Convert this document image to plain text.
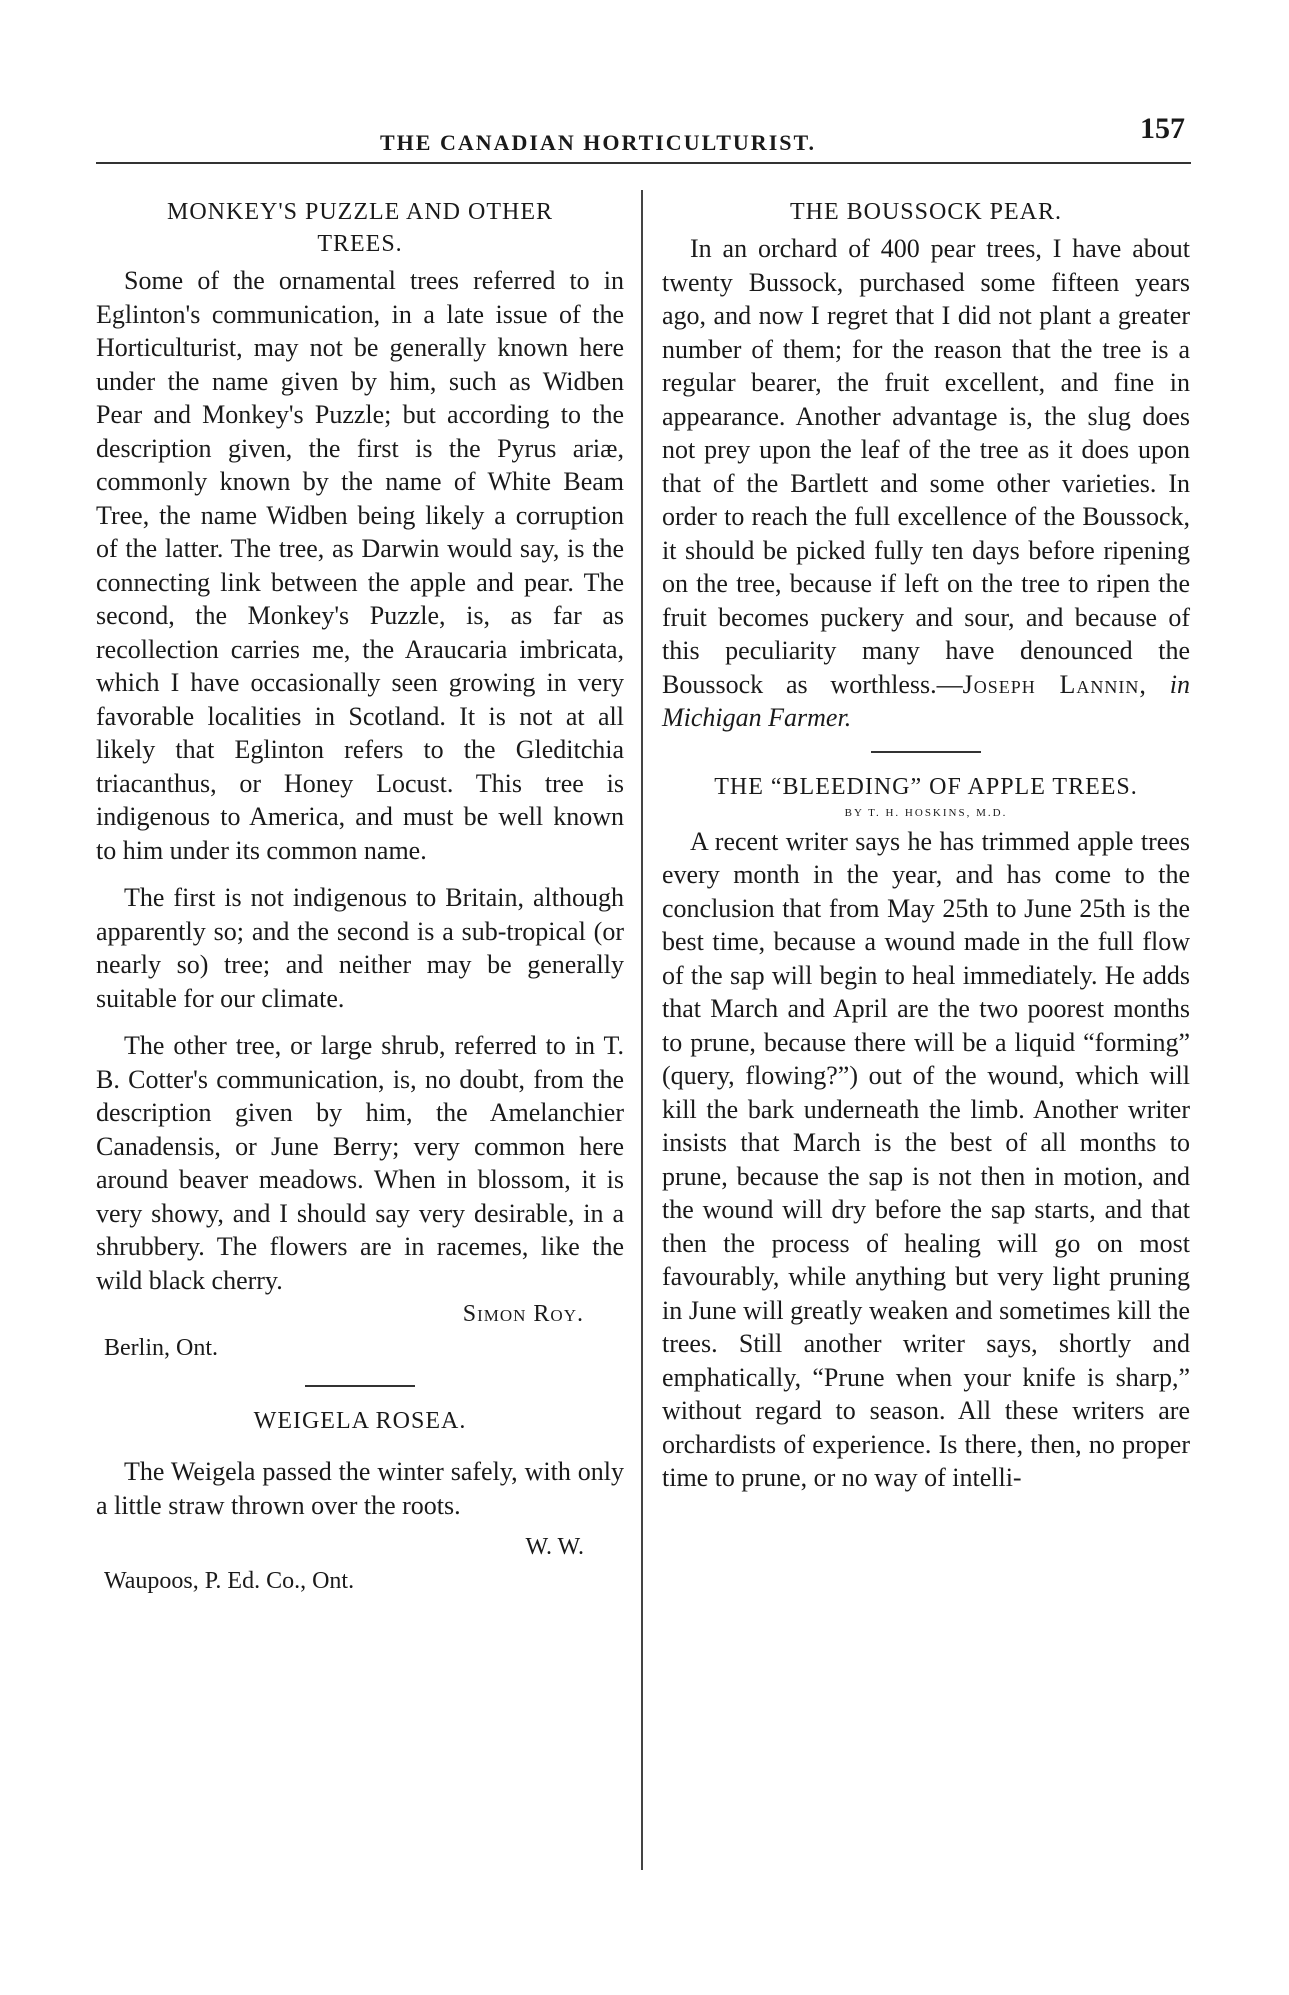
THE CANADIAN HORTICULTURIST.	157
MONKEY'S PUZZLE AND OTHER
TREES.

Some of the ornamental trees referred to in Eglinton's communication, in a late issue of the Horticulturist, may not be generally known here under the name given by him, such as Widben Pear and Monkey's Puzzle; but according to the description given, the first is the Pyrus ariæ, commonly known by the name of White Beam Tree, the name Widben being likely a corruption of the latter. The tree, as Darwin would say, is the connecting link between the apple and pear. The second, the Monkey's Puzzle, is, as far as recollection carries me, the Araucaria imbricata, which I have occasionally seen growing in very favorable localities in Scotland. It is not at all likely that Eglinton refers to the Gleditchia triacanthus, or Honey Locust. This tree is indigenous to America, and must be well known to him under its common name.

The first is not indigenous to Britain, although apparently so; and the second is a sub-tropical (or nearly so) tree; and neither may be generally suitable for our climate.

The other tree, or large shrub, referred to in T. B. Cotter's communication, is, no doubt, from the description given by him, the Amelanchier Canadensis, or June Berry; very common here around beaver meadows. When in blossom, it is very showy, and I should say very desirable, in a shrubbery. The flowers are in racemes, like the wild black cherry.

Simon Roy.
Berlin, Ont.
WEIGELA ROSEA.

The Weigela passed the winter safely, with only a little straw thrown over the roots.

W. W.
Waupoos, P. Ed. Co., Ont.
THE BOUSSOCK PEAR.

In an orchard of 400 pear trees, I have about twenty Bussock, purchased some fifteen years ago, and now I regret that I did not plant a greater number of them; for the reason that the tree is a regular bearer, the fruit excellent, and fine in appearance. Another advantage is, the slug does not prey upon the leaf of the tree as it does upon that of the Bartlett and some other varieties. In order to reach the full excellence of the Boussock, it should be picked fully ten days before ripening on the tree, because if left on the tree to ripen the fruit becomes puckery and sour, and because of this peculiarity many have denounced the Boussock as worthless.—Joseph Lannin, in Michigan Farmer.

THE “BLEEDING” OF APPLE TREES.
BY T. H. HOSKINS, M.D.

A recent writer says he has trimmed apple trees every month in the year, and has come to the conclusion that from May 25th to June 25th is the best time, because a wound made in the full flow of the sap will begin to heal immediately. He adds that March and April are the two poorest months to prune, because there will be a liquid “forming” (query, flowing?”) out of the wound, which will kill the bark underneath the limb. Another writer insists that March is the best of all months to prune, because the sap is not then in motion, and the wound will dry before the sap starts, and that then the process of healing will go on most favourably, while anything but very light pruning in June will greatly weaken and sometimes kill the trees. Still another writer says, shortly and emphatically, “Prune when your knife is sharp,” without regard to season. All these writers are orchardists of experience. Is there, then, no proper time to prune, or no way of intelli-
